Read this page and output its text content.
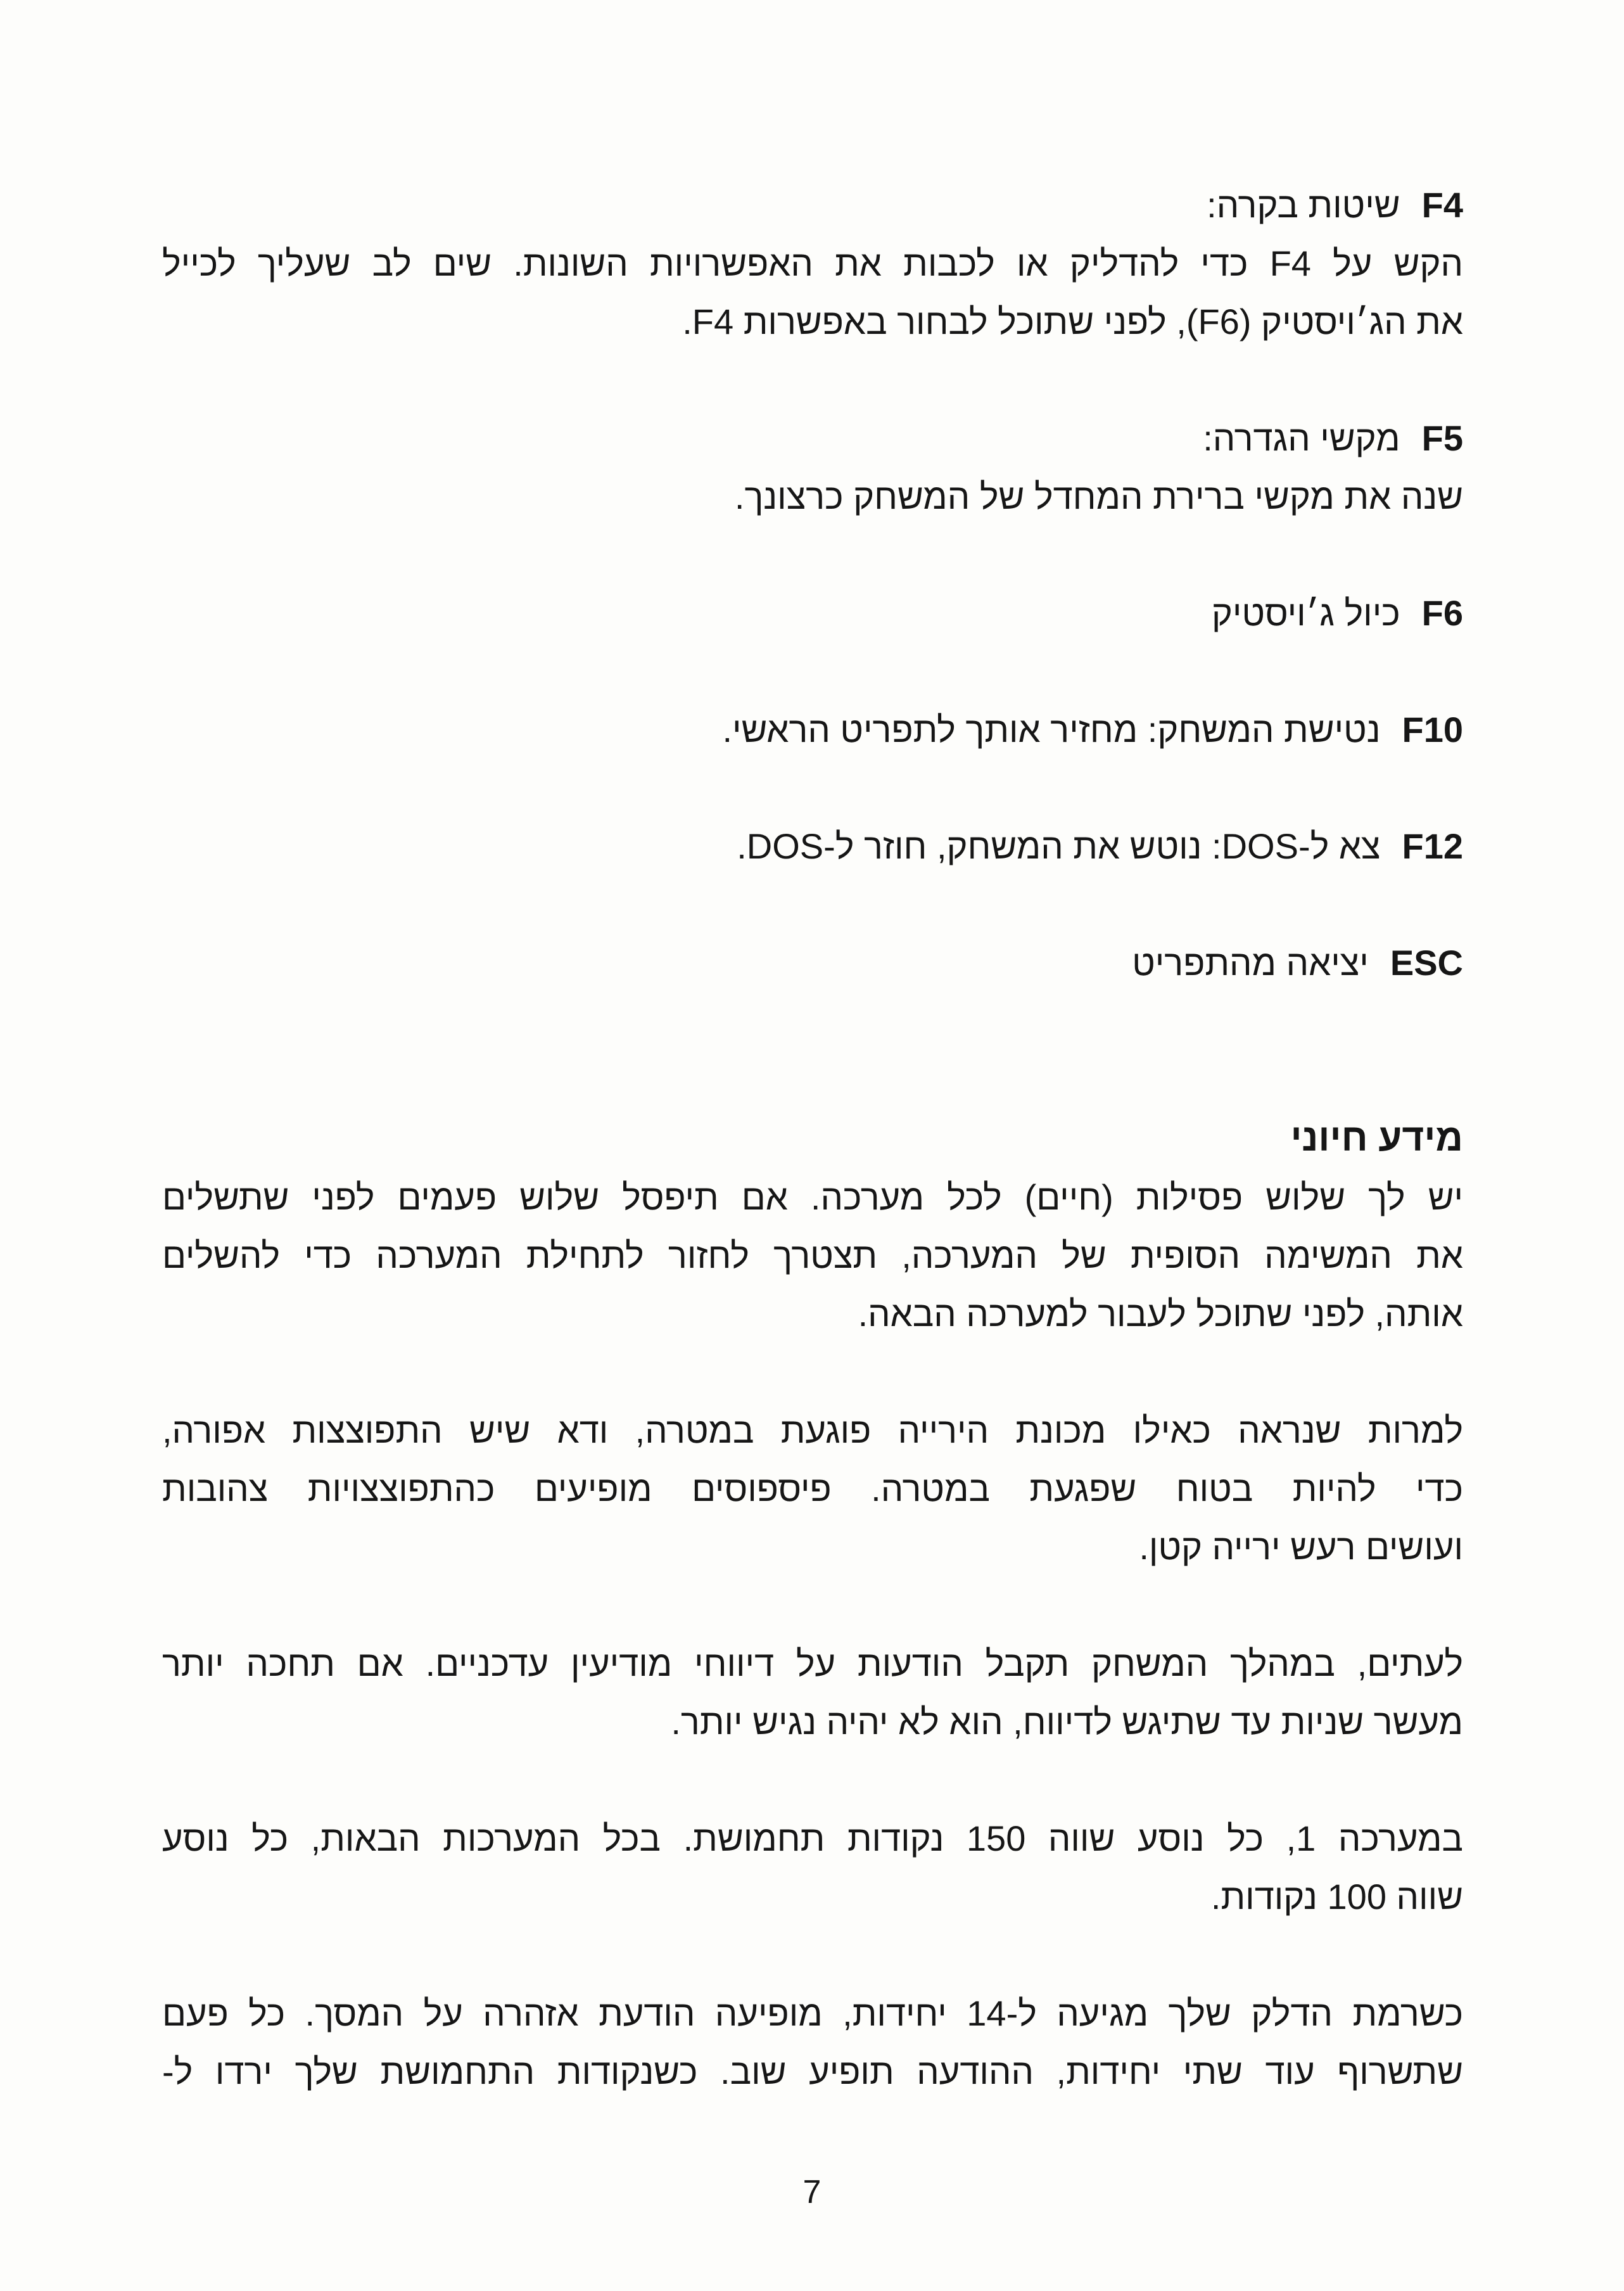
F4שיטות בקרה:
הקש על F4 כדי להדליק או לכבות את האפשרויות השונות. שים לב שעליך לכייל
את הג׳ויסטיק (F6), לפני שתוכל לבחור באפשרות F4.
F5מקשי הגדרה:
שנה את מקשי ברירת המחדל של המשחק כרצונך.
F6כיול ג׳ויסטיק
F10נטישת המשחק: מחזיר אותך לתפריט הראשי.
F12צא ל-DOS: נוטש את המשחק, חוזר ל-DOS.
ESCיציאה מהתפריט
מידע חיוני
יש לך שלוש פסילות (חיים) לכל מערכה. אם תיפסל שלוש פעמים לפני שתשלים
את המשימה הסופית של המערכה, תצטרך לחזור לתחילת המערכה כדי להשלים
אותה, לפני שתוכל לעבור למערכה הבאה.
למרות שנראה כאילו מכונת הירייה פוגעת במטרה, ודא שיש התפוצצות אפורה,
כדי להיות בטוח שפגעת במטרה. פיספוסים מופיעים כהתפוצצויות צהובות
ועושים רעש ירייה קטן.
לעתים, במהלך המשחק תקבל הודעות על דיווחי מודיעין עדכניים. אם תחכה יותר
מעשר שניות עד שתיגש לדיווח, הוא לא יהיה נגיש יותר.
במערכה 1, כל נוסע שווה 150 נקודות תחמושת. בכל המערכות הבאות, כל נוסע
שווה 100 נקודות.
כשרמת הדלק שלך מגיעה ל-14 יחידות, מופיעה הודעת אזהרה על המסך. כל פעם
שתשרוף עוד שתי יחידות, ההודעה תופיע שוב. כשנקודות התחמושת שלך ירדו ל-
7
